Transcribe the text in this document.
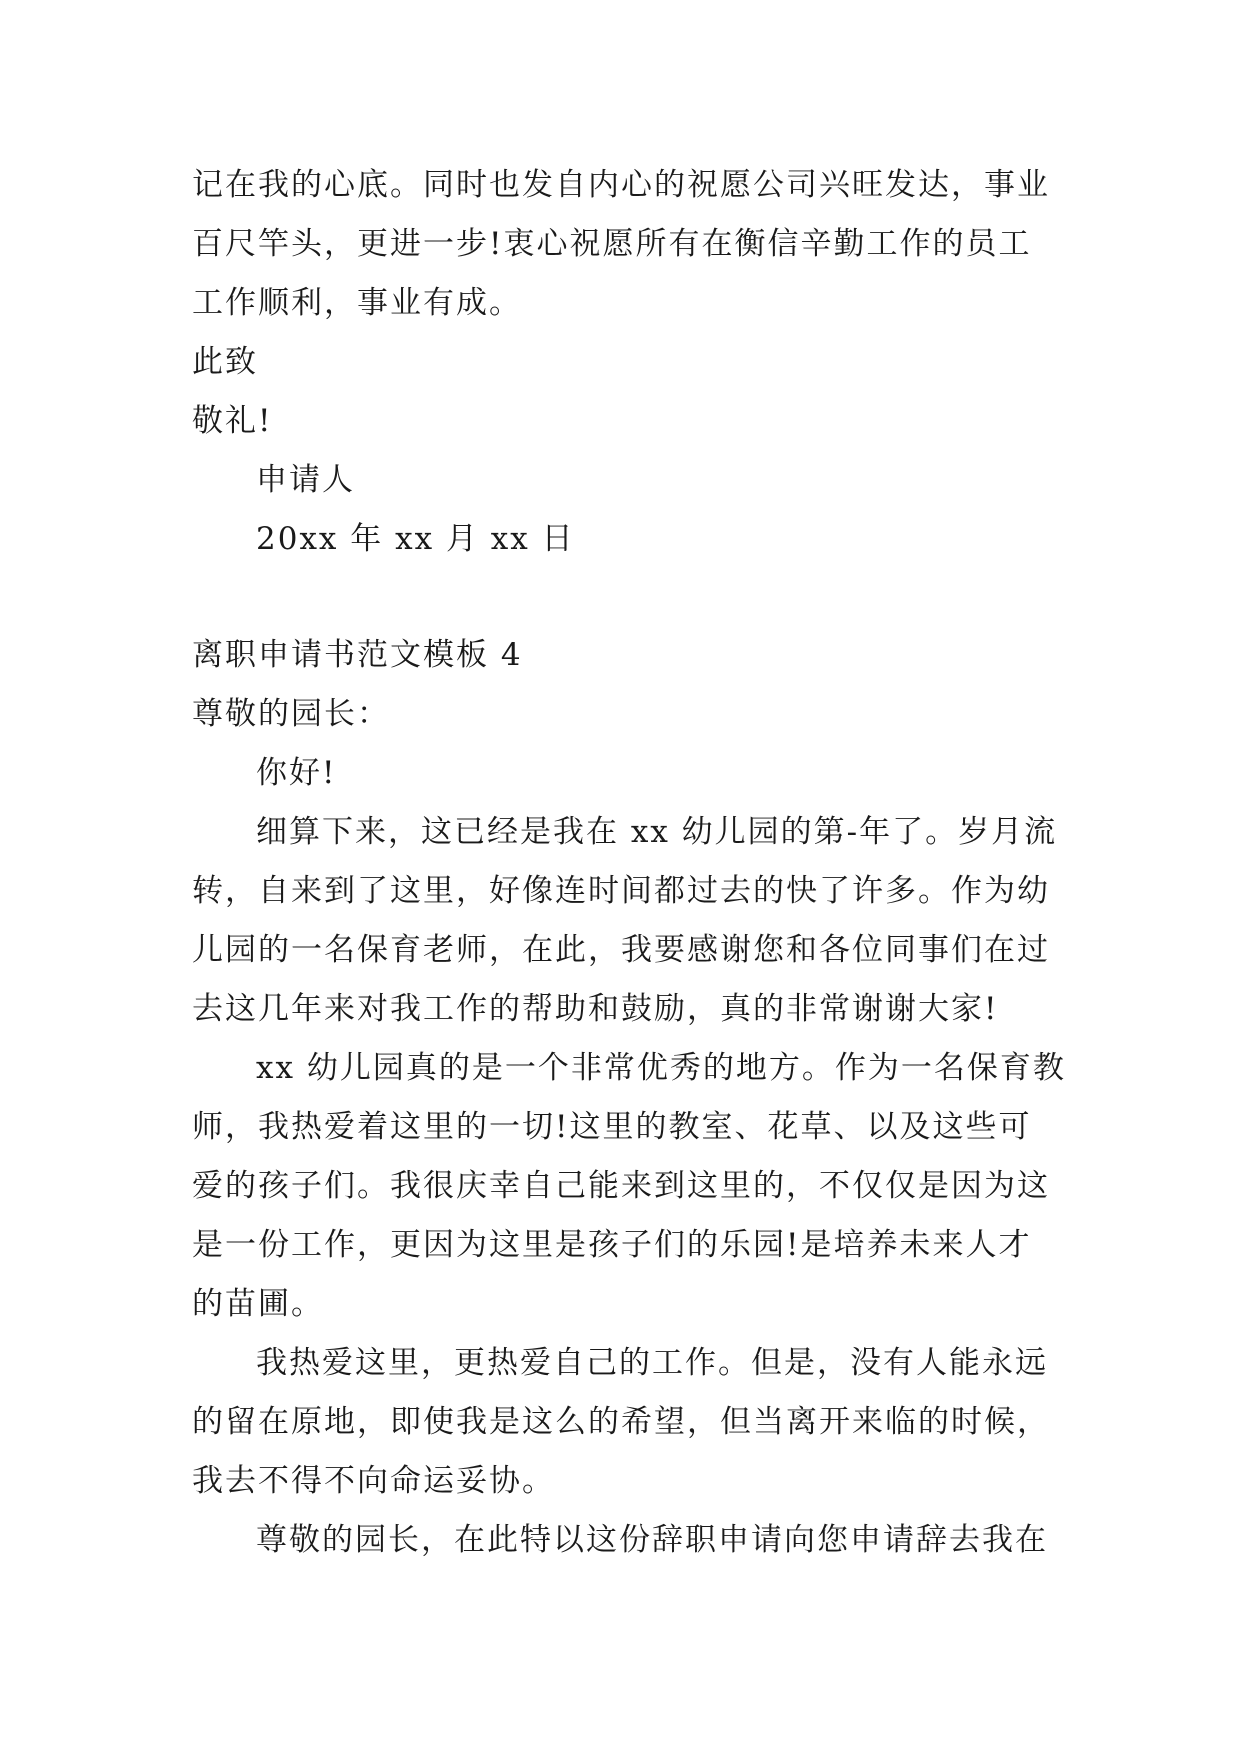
记在我的心底。同时也发自内心的祝愿公司兴旺发达，事业

百尺竿头，更进一步!衷心祝愿所有在衡信辛勤工作的员工

工作顺利，事业有成。

此致

敬礼!

申请人

20xx 年 xx 月 xx 日

离职申请书范文模板 4

尊敬的园长：

你好!

细算下来，这已经是我在 xx 幼儿园的第-年了。岁月流

转，自来到了这里，好像连时间都过去的快了许多。作为幼

儿园的一名保育老师，在此，我要感谢您和各位同事们在过

去这几年来对我工作的帮助和鼓励，真的非常谢谢大家!

xx 幼儿园真的是一个非常优秀的地方。作为一名保育教

师，我热爱着这里的一切!这里的教室、花草、以及这些可

爱的孩子们。我很庆幸自己能来到这里的，不仅仅是因为这

是一份工作，更因为这里是孩子们的乐园!是培养未来人才

的苗圃。

我热爱这里，更热爱自己的工作。但是，没有人能永远

的留在原地，即使我是这么的希望，但当离开来临的时候，

我去不得不向命运妥协。

尊敬的园长，在此特以这份辞职申请向您申请辞去我在
